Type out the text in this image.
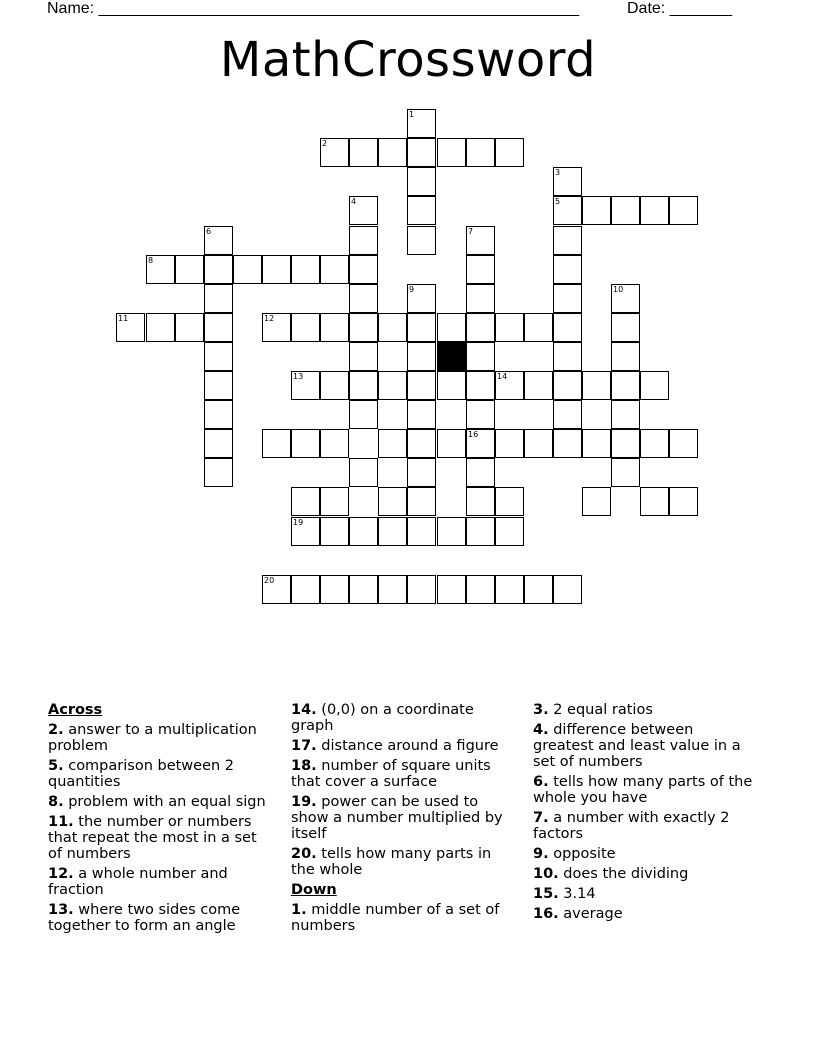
Name: ______________________________________________________	Date: _______
MathCrossword
1
2
3
5
4
6
8
7
16
9	10
11	12
13	14
19
20
Across
2. answer to a multiplication problem
5. comparison between 2 quantities
8. problem with an equal sign
11. the number or numbers that repeat the most in a set of numbers
12. a whole number and fraction
13. where two sides come together to form an angle
14. (0,0) on a coordinate graph
17. distance around a figure
18. number of square units that cover a surface
19. power can be used to show a number multiplied by itself
20. tells how many parts in the whole
Down
1. middle number of a set of numbers
3. 2 equal ratios
4. difference between greatest and least value in a set of numbers
6. tells how many parts of the whole you have
7. a number with exactly 2 factors
9. opposite
10. does the dividing
15. 3.14
16. average
